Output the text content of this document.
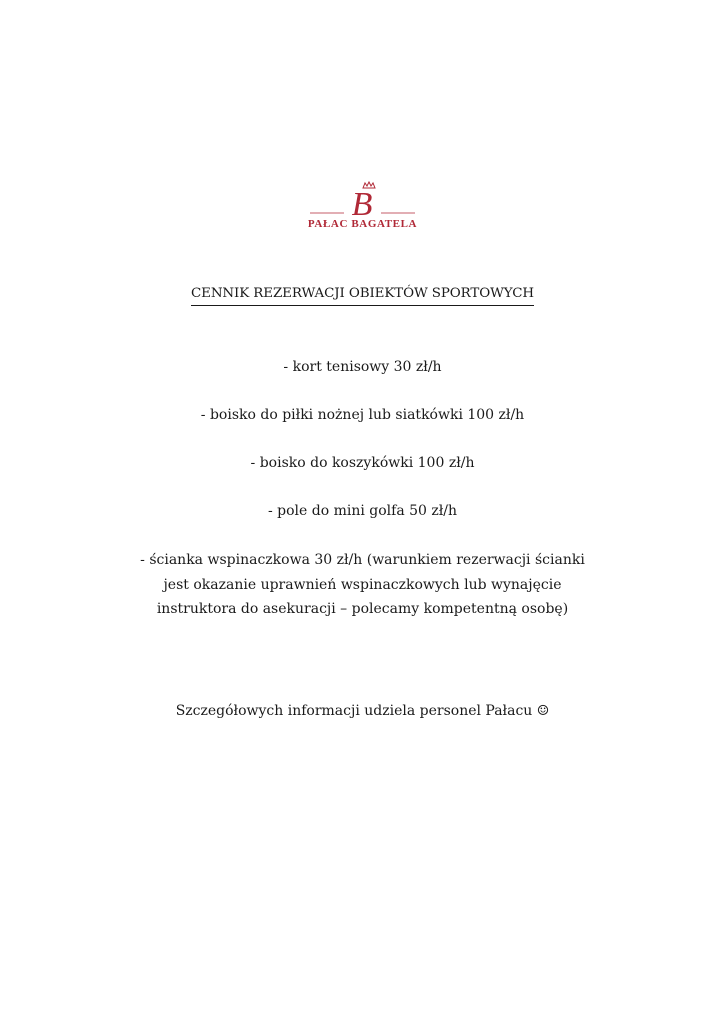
B
PAŁAC BAGATELA
CENNIK REZERWACJI OBIEKTÓW SPORTOWYCH
- kort tenisowy 30 zł/h
- boisko do piłki nożnej lub siatkówki 100 zł/h
- boisko do koszykówki 100 zł/h
- pole do mini golfa 50 zł/h
- ścianka wspinaczkowa 30 zł/h (warunkiem rezerwacji ścianki jest okazanie uprawnień wspinaczkowych lub wynajęcie instruktora do asekuracji – polecamy kompetentną osobę)
Szczegółowych informacji udziela personel Pałacu ☺
